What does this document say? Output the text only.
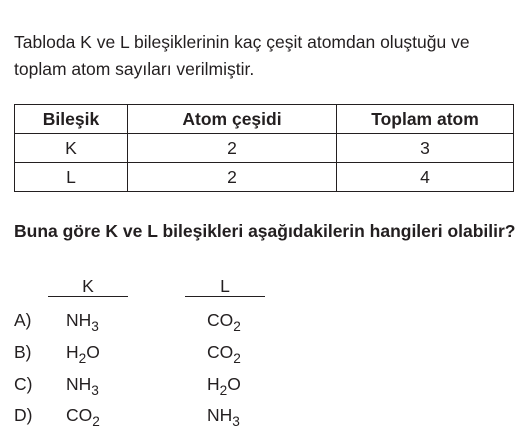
Tabloda K ve L bileşiklerinin kaç çeşit atomdan oluştuğu ve toplam atom sayıları verilmiştir.
Bileşik	Atom çeşidi	Toplam atom
K	2	3
L	2	4
Buna göre K ve L bileşikleri aşağıdakilerin hangileri olabilir?
K	L
A)	$NH_3$	$CO_2$
B)	$H_2O$	$CO_2$
C)	$NH_3$	$H_2O$
D)	$CO_2$	$NH_3$
